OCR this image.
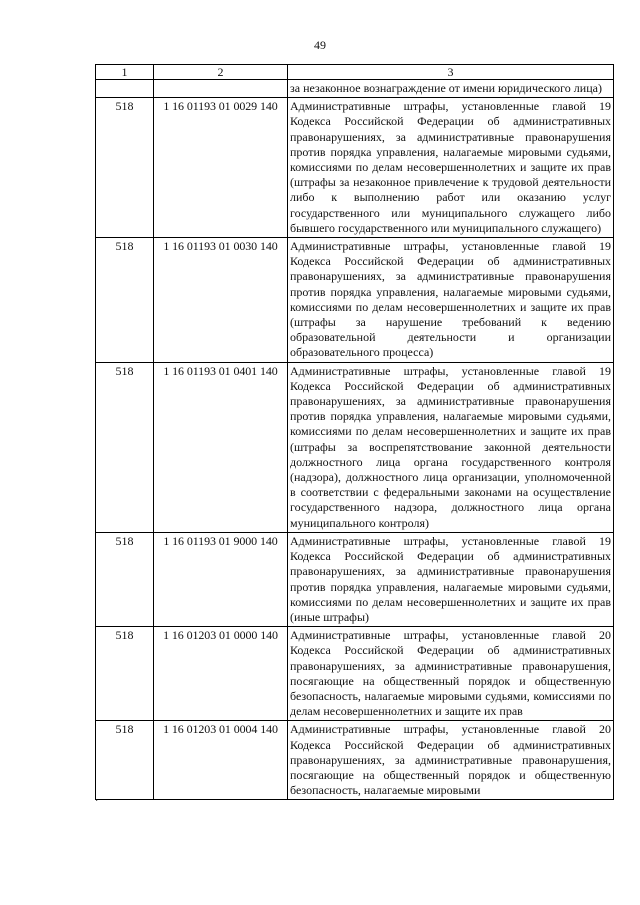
49
1	2	3
		за незаконное вознаграждение от имени юридического лица)
518	1 16 01193 01 0029 140	Административные штрафы, установленные главой 19 Кодекса Российской Федерации об административных правонарушениях, за административные правонарушения против порядка управления, налагаемые мировыми судьями, комиссиями по делам несовершеннолетних и защите их прав (штрафы за незаконное привлечение к трудовой деятельности либо к выполнению работ или оказанию услуг государственного или муниципального служащего либо бывшего государственного или муниципального служащего)
518	1 16 01193 01 0030 140	Административные штрафы, установленные главой 19 Кодекса Российской Федерации об административных правонарушениях, за административные правонарушения против порядка управления, налагаемые мировыми судьями, комиссиями по делам несовершеннолетних и защите их прав (штрафы за нарушение требований к ведению образовательной деятельности и организации образовательного процесса)
518	1 16 01193 01 0401 140	Административные штрафы, установленные главой 19 Кодекса Российской Федерации об административных правонарушениях, за административные правонарушения против порядка управления, налагаемые мировыми судьями, комиссиями по делам несовершеннолетних и защите их прав (штрафы за воспрепятствование законной деятельности должностного лица органа государственного контроля (надзора), должностного лица организации, уполномоченной в соответствии с федеральными законами на осуществление государственного надзора, должностного лица органа муниципального контроля)
518	1 16 01193 01 9000 140	Административные штрафы, установленные главой 19 Кодекса Российской Федерации об административных правонарушениях, за административные правонарушения против порядка управления, налагаемые мировыми судьями, комиссиями по делам несовершеннолетних и защите их прав (иные штрафы)
518	1 16 01203 01 0000 140	Административные штрафы, установленные главой 20 Кодекса Российской Федерации об административных правонарушениях, за административные правонарушения, посягающие на общественный порядок и общественную безопасность, налагаемые мировыми судьями, комиссиями по делам несовершеннолетних и защите их прав
518	1 16 01203 01 0004 140	Административные штрафы, установленные главой 20 Кодекса Российской Федерации об административных правонарушениях, за административные правонарушения, посягающие на общественный порядок и общественную безопасность, налагаемые мировыми
·
